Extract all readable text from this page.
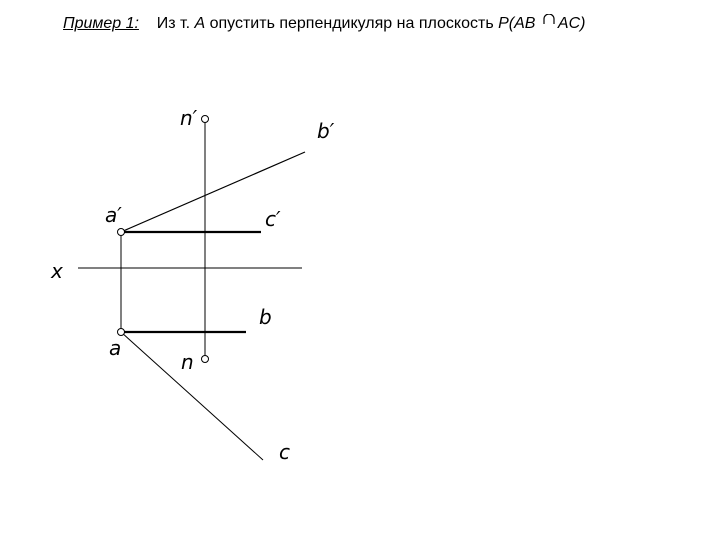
Пример 1: Из т. A опустить перпендикуляр на плоскость P(AB AC)
n′
b′
a′	c′
x
b
a
n
c
